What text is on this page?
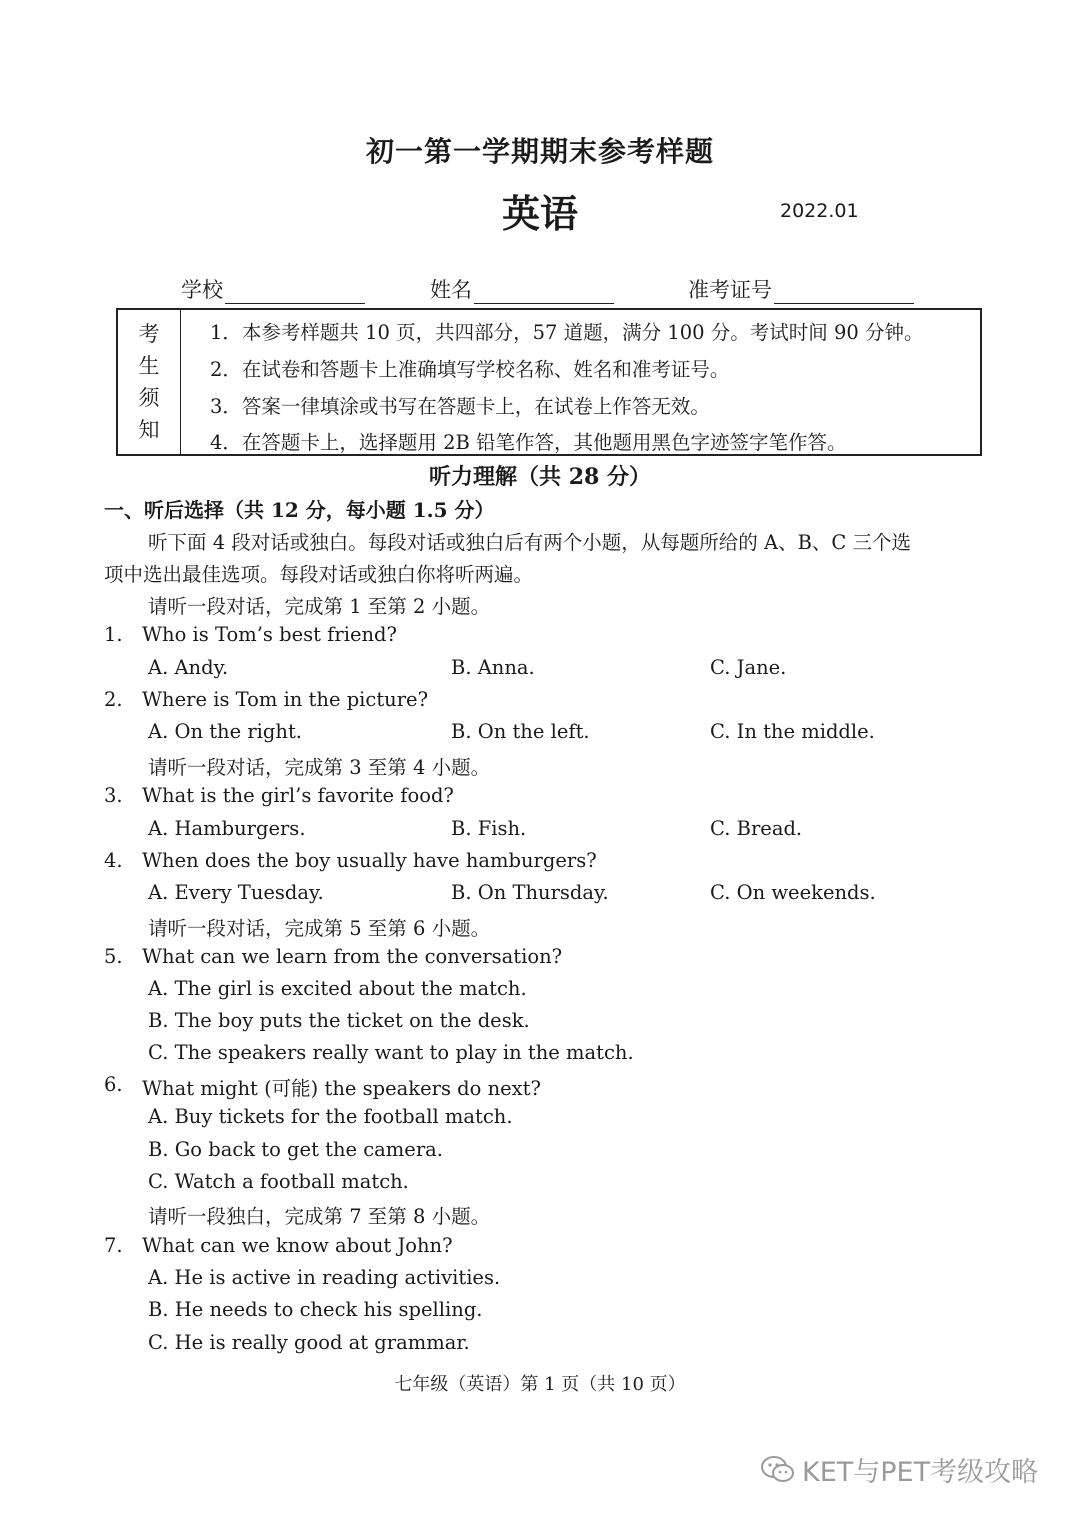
初一第一学期期末参考样题
英语	2022.01
学校	姓名	准考证号
考
生
须
知
1．本参考样题共 10 页，共四部分，57 道题，满分 100 分。考试时间 90 分钟。
2．在试卷和答题卡上准确填写学校名称、姓名和准考证号。
3．答案一律填涂或书写在答题卡上，在试卷上作答无效。
4．在答题卡上，选择题用 2B 铅笔作答，其他题用黑色字迹签字笔作答。
听力理解（共 28 分）
一、听后选择（共 12 分，每小题 1.5 分）
听下面 4 段对话或独白。每段对话或独白后有两个小题，从每题所给的 A、B、C 三个选
项中选出最佳选项。每段对话或独白你将听两遍。
请听一段对话，完成第 1 至第 2 小题。
1. Who is Tom’s best friend?
A. Andy.	B. Anna.	C. Jane.
2. Where is Tom in the picture?
A. On the right.	B. On the left.	C. In the middle.
请听一段对话，完成第 3 至第 4 小题。
3. What is the girl’s favorite food?
A. Hamburgers.	B. Fish.	C. Bread.
4. When does the boy usually have hamburgers?
A. Every Tuesday.	B. On Thursday.	C. On weekends.
请听一段对话，完成第 5 至第 6 小题。
5. What can we learn from the conversation?
A. The girl is excited about the match.
B. The boy puts the ticket on the desk.
C. The speakers really want to play in the match.
6. What might (可能) the speakers do next?
A. Buy tickets for the football match.
B. Go back to get the camera.
C. Watch a football match.
请听一段独白，完成第 7 至第 8 小题。
7. What can we know about John?
A. He is active in reading activities.
B. He needs to check his spelling.
C. He is really good at grammar.
七年级（英语）第 1 页（共 10 页）
KET与PET考级攻略
